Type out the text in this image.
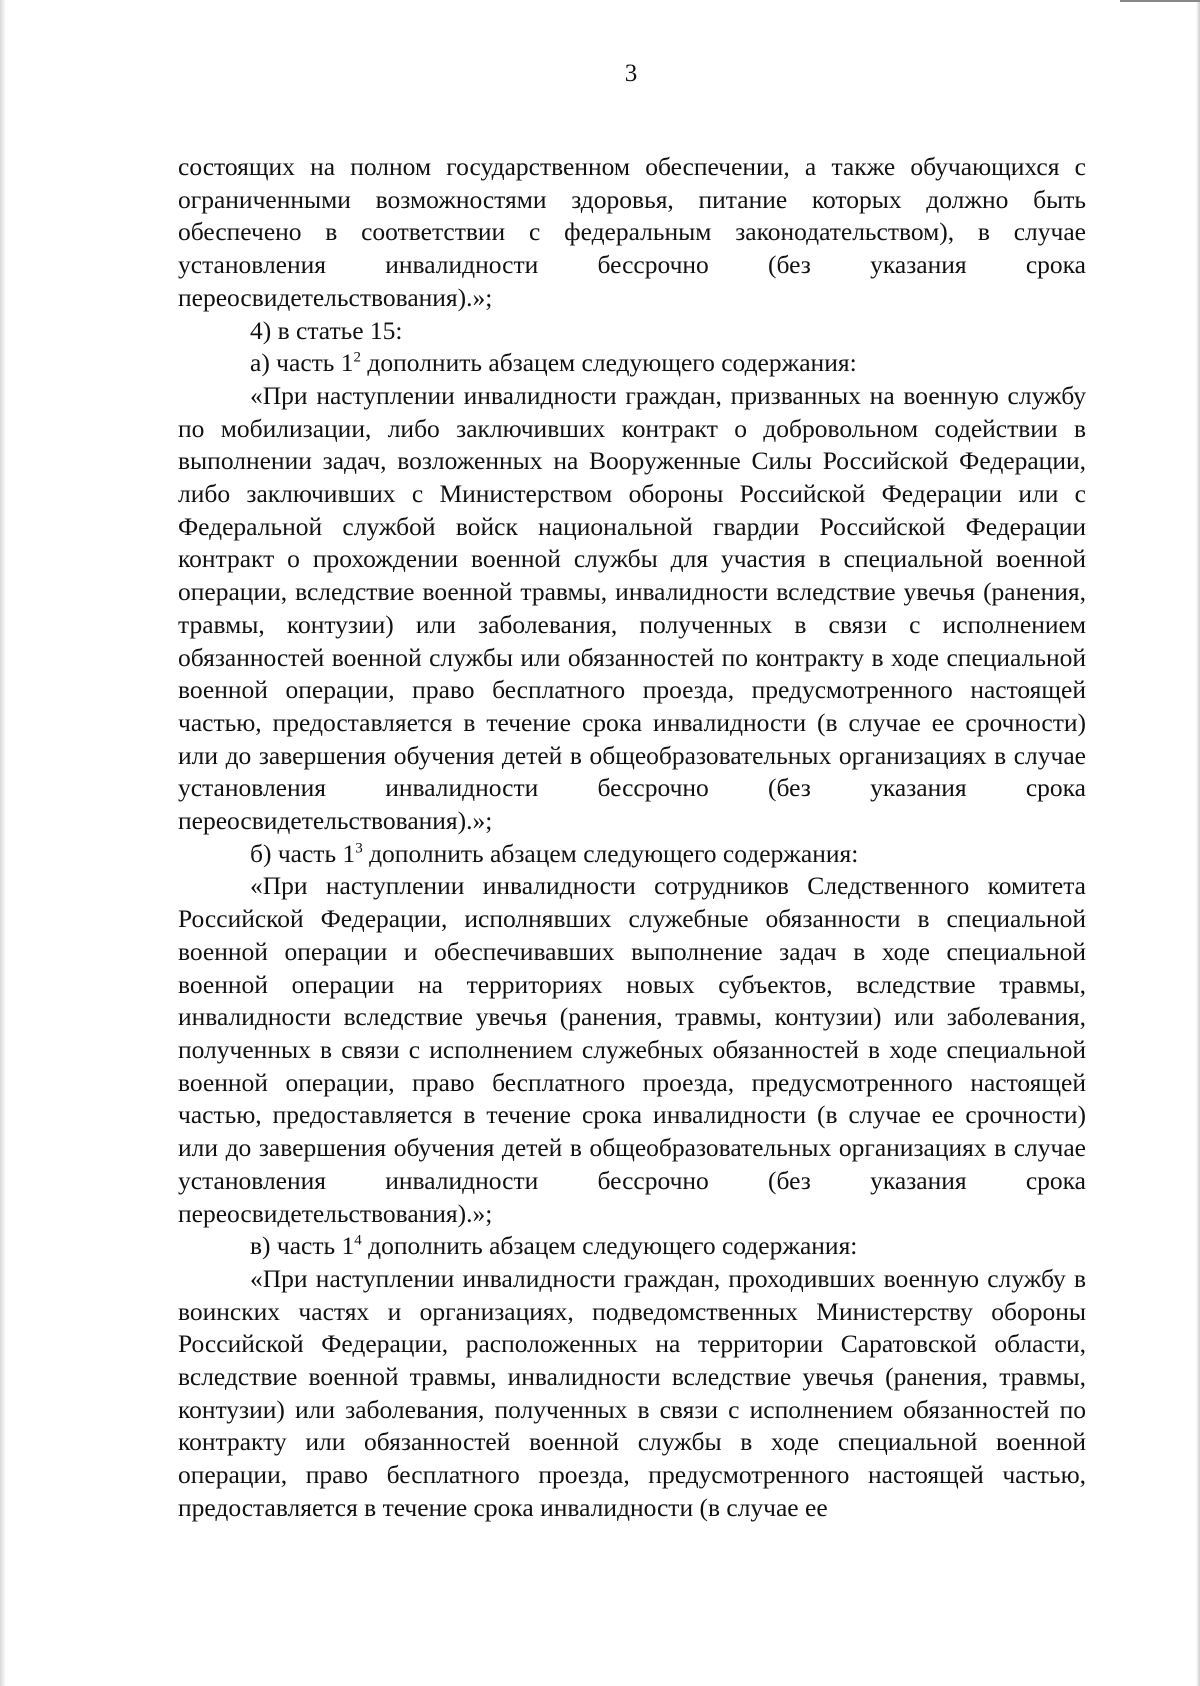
3

состоящих на полном государственном обеспечении, а также обучающихся с ограниченными возможностями здоровья, питание которых должно быть обеспечено в соответствии с федеральным законодательством), в случае установления инвалидности бессрочно (без указания срока переосвидетельствования).»;

4) в статье 15:

а) часть $1^2$ дополнить абзацем следующего содержания:

«При наступлении инвалидности граждан, призванных на военную службу по мобилизации, либо заключивших контракт о добровольном содействии в выполнении задач, возложенных на Вооруженные Силы Российской Федерации, либо заключивших с Министерством обороны Российской Федерации или с Федеральной службой войск национальной гвардии Российской Федерации контракт о прохождении военной службы для участия в специальной военной операции, вследствие военной травмы, инвалидности вследствие увечья (ранения, травмы, контузии) или заболевания, полученных в связи с исполнением обязанностей военной службы или обязанностей по контракту в ходе специальной военной операции, право бесплатного проезда, предусмотренного настоящей частью, предоставляется в течение срока инвалидности (в случае ее срочности) или до завершения обучения детей в общеобразовательных организациях в случае установления инвалидности бессрочно (без указания срока переосвидетельствования).»;

б) часть $1^3$ дополнить абзацем следующего содержания:

«При наступлении инвалидности сотрудников Следственного комитета Российской Федерации, исполнявших служебные обязанности в специальной военной операции и обеспечивавших выполнение задач в ходе специальной военной операции на территориях новых субъектов, вследствие травмы, инвалидности вследствие увечья (ранения, травмы, контузии) или заболевания, полученных в связи с исполнением служебных обязанностей в ходе специальной военной операции, право бесплатного проезда, предусмотренного настоящей частью, предоставляется в течение срока инвалидности (в случае ее срочности) или до завершения обучения детей в общеобразовательных организациях в случае установления инвалидности бессрочно (без указания срока переосвидетельствования).»;

в) часть $1^4$ дополнить абзацем следующего содержания:

«При наступлении инвалидности граждан, проходивших военную службу в воинских частях и организациях, подведомственных Министерству обороны Российской Федерации, расположенных на территории Саратовской области, вследствие военной травмы, инвалидности вследствие увечья (ранения, травмы, контузии) или заболевания, полученных в связи с исполнением обязанностей по контракту или обязанностей военной службы в ходе специальной военной операции, право бесплатного проезда, предусмотренного настоящей частью, предоставляется в течение срока инвалидности (в случае ее
